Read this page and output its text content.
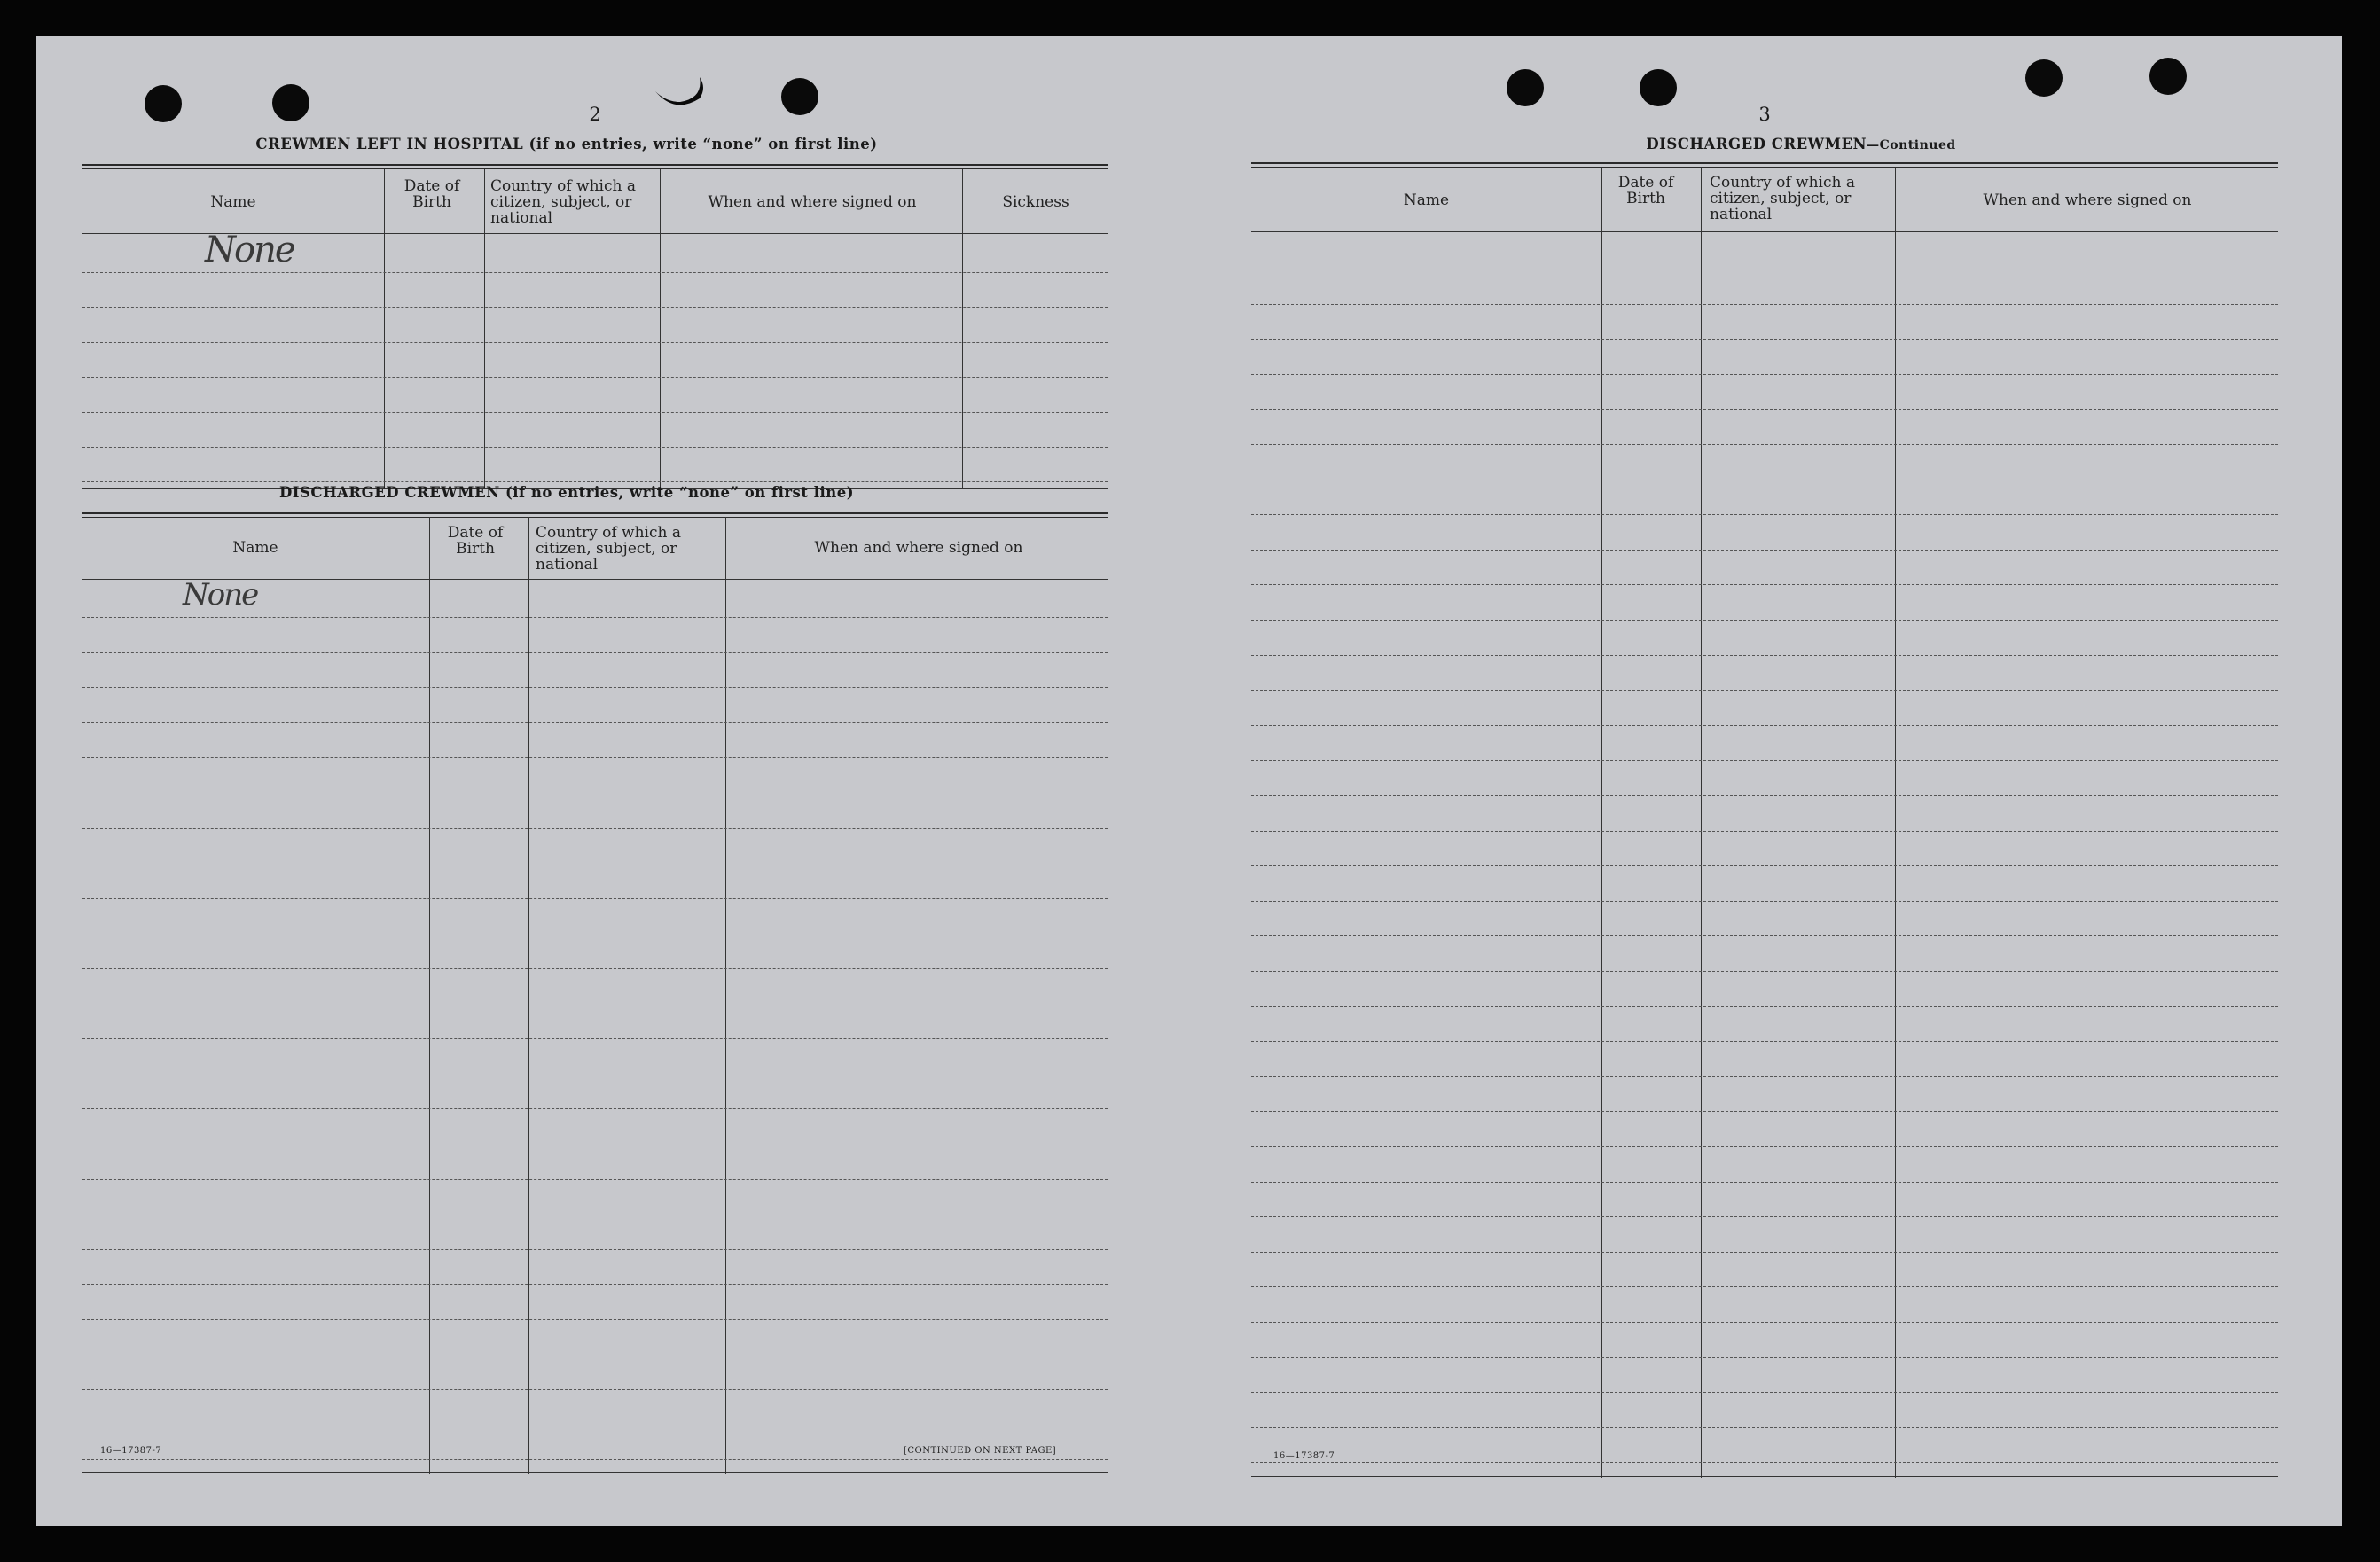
2
CREWMEN LEFT IN HOSPITAL (if no entries, write “none” on first line)
Name
Date of Birth
Country of which a citizen, subject, or national
When and where signed on	Sickness
None
DISCHARGED CREWMEN (if no entries, write “none” on first line)
Name
Date of Birth
Country of which a citizen, subject, or national
When and where signed on
None
16—17387-7	[CONTINUED ON NEXT PAGE]
3
DISCHARGED CREWMEN—Continued
Name
Date of Birth
Country of which a citizen, subject, or national
When and where signed on
16—17387-7
